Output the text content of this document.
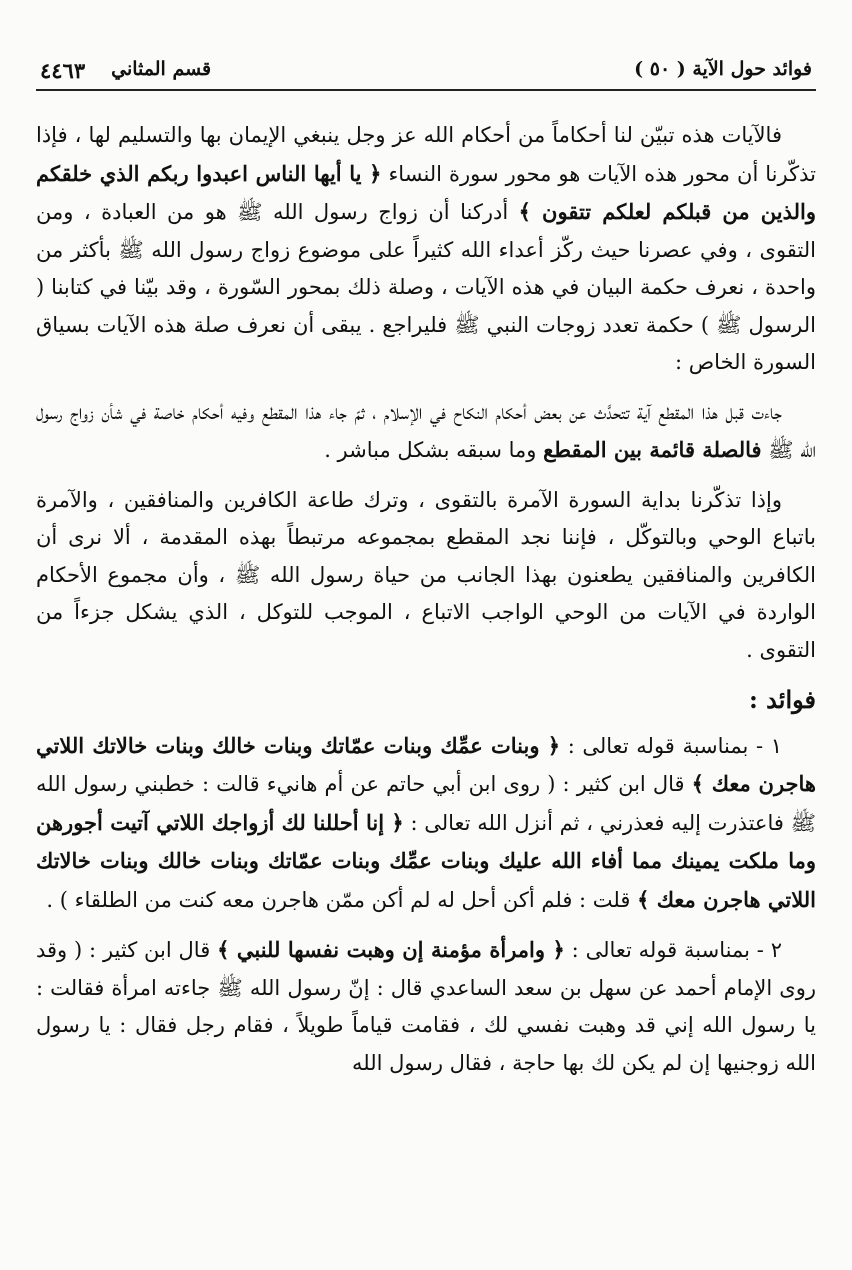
فوائد حول الآية ( ٥٠ )
قسم المثاني
٤٤٦٣

فالآيات هذه تبيّن لنا أحكاماً من أحكام الله عز وجل ينبغي الإيمان بها والتسليم لها ، فإذا تذكّرنا أن محور هذه الآيات هو محور سورة النساء ﴿ يا أيها الناس اعبدوا ربكم الذي خلقكم والذين من قبلكم لعلكم تتقون ﴾ أدركنا أن زواج رسول الله ﷺ هو من العبادة ، ومن التقوى ، وفي عصرنا حيث ركّز أعداء الله كثيراً على موضوع زواج رسول الله ﷺ بأكثر من واحدة ، نعرف حكمة البيان في هذه الآيات ، وصلة ذلك بمحور السّورة ، وقد بيّنا في كتابنا ( الرسول ﷺ ) حكمة تعدد زوجات النبي ﷺ فليراجع . يبقى أن نعرف صلة هذه الآيات بسياق السورة الخاص :

جاءت قبل هذا المقطع آية تتحدَّث عن بعض أحكام النكاح في الإسلام ، ثمّ جاء هذا المقطع وفيه أحكام خاصة في شأن زواج رسول الله ﷺ فالصلة قائمة بين المقطع وما سبقه بشكل مباشر .

وإذا تذكّرنا بداية السورة الآمرة بالتقوى ، وترك طاعة الكافرين والمنافقين ، والآمرة باتباع الوحي وبالتوكّل ، فإننا نجد المقطع بمجموعه مرتبطاً بهذه المقدمة ، ألا نرى أن الكافرين والمنافقين يطعنون بهذا الجانب من حياة رسول الله ﷺ ، وأن مجموع الأحكام الواردة في الآيات من الوحي الواجب الاتباع ، الموجب للتوكل ، الذي يشكل جزءاً من التقوى .

فوائد :

١ - بمناسبة قوله تعالى : ﴿ وبنات عمِّك وبنات عمّاتك وبنات خالك وبنات خالاتك اللاتي هاجرن معك ﴾ قال ابن كثير : ( روى ابن أبي حاتم عن أم هانيء قالت : خطبني رسول الله ﷺ فاعتذرت إليه فعذرني ، ثم أنزل الله تعالى : ﴿ إنا أحللنا لك أزواجك اللاتي آتيت أجورهن وما ملكت يمينك مما أفاء الله عليك وبنات عمِّك وبنات عمّاتك وبنات خالك وبنات خالاتك اللاتي هاجرن معك ﴾ قلت : فلم أكن أحل له لم أكن ممّن هاجرن معه كنت من الطلقاء ) .

٢ - بمناسبة قوله تعالى : ﴿ وامرأة مؤمنة إن وهبت نفسها للنبي ﴾ قال ابن كثير : ( وقد روى الإمام أحمد عن سهل بن سعد الساعدي قال : إنّ رسول الله ﷺ جاءته امرأة فقالت : يا رسول الله إني قد وهبت نفسي لك ، فقامت قياماً طويلاً ، فقام رجل فقال : يا رسول الله زوجنيها إن لم يكن لك بها حاجة ، فقال رسول الله
